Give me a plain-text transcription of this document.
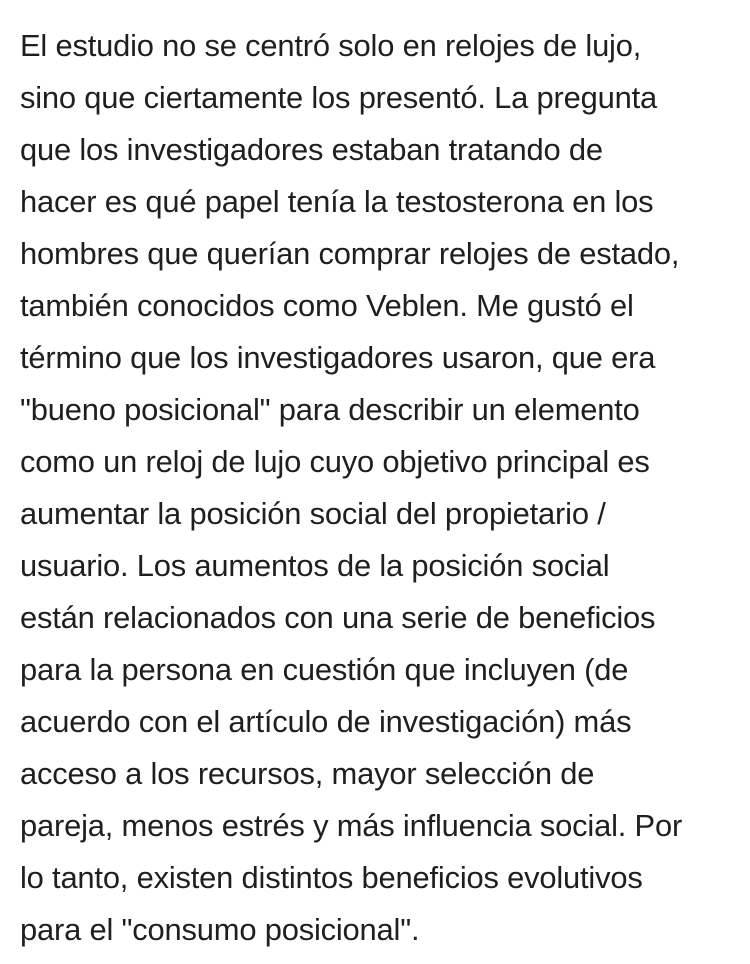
El estudio no se centró solo en relojes de lujo,
sino que ciertamente los presentó. La pregunta
que los investigadores estaban tratando de
hacer es qué papel tenía la testosterona en los
hombres que querían comprar relojes de estado,
también conocidos como Veblen. Me gustó el
término que los investigadores usaron, que era
"bueno posicional" para describir un elemento
como un reloj de lujo cuyo objetivo principal es
aumentar la posición social del propietario /
usuario. Los aumentos de la posición social
están relacionados con una serie de beneficios
para la persona en cuestión que incluyen (de
acuerdo con el artículo de investigación) más
acceso a los recursos, mayor selección de
pareja, menos estrés y más influencia social. Por
lo tanto, existen distintos beneficios evolutivos
para el "consumo posicional".
